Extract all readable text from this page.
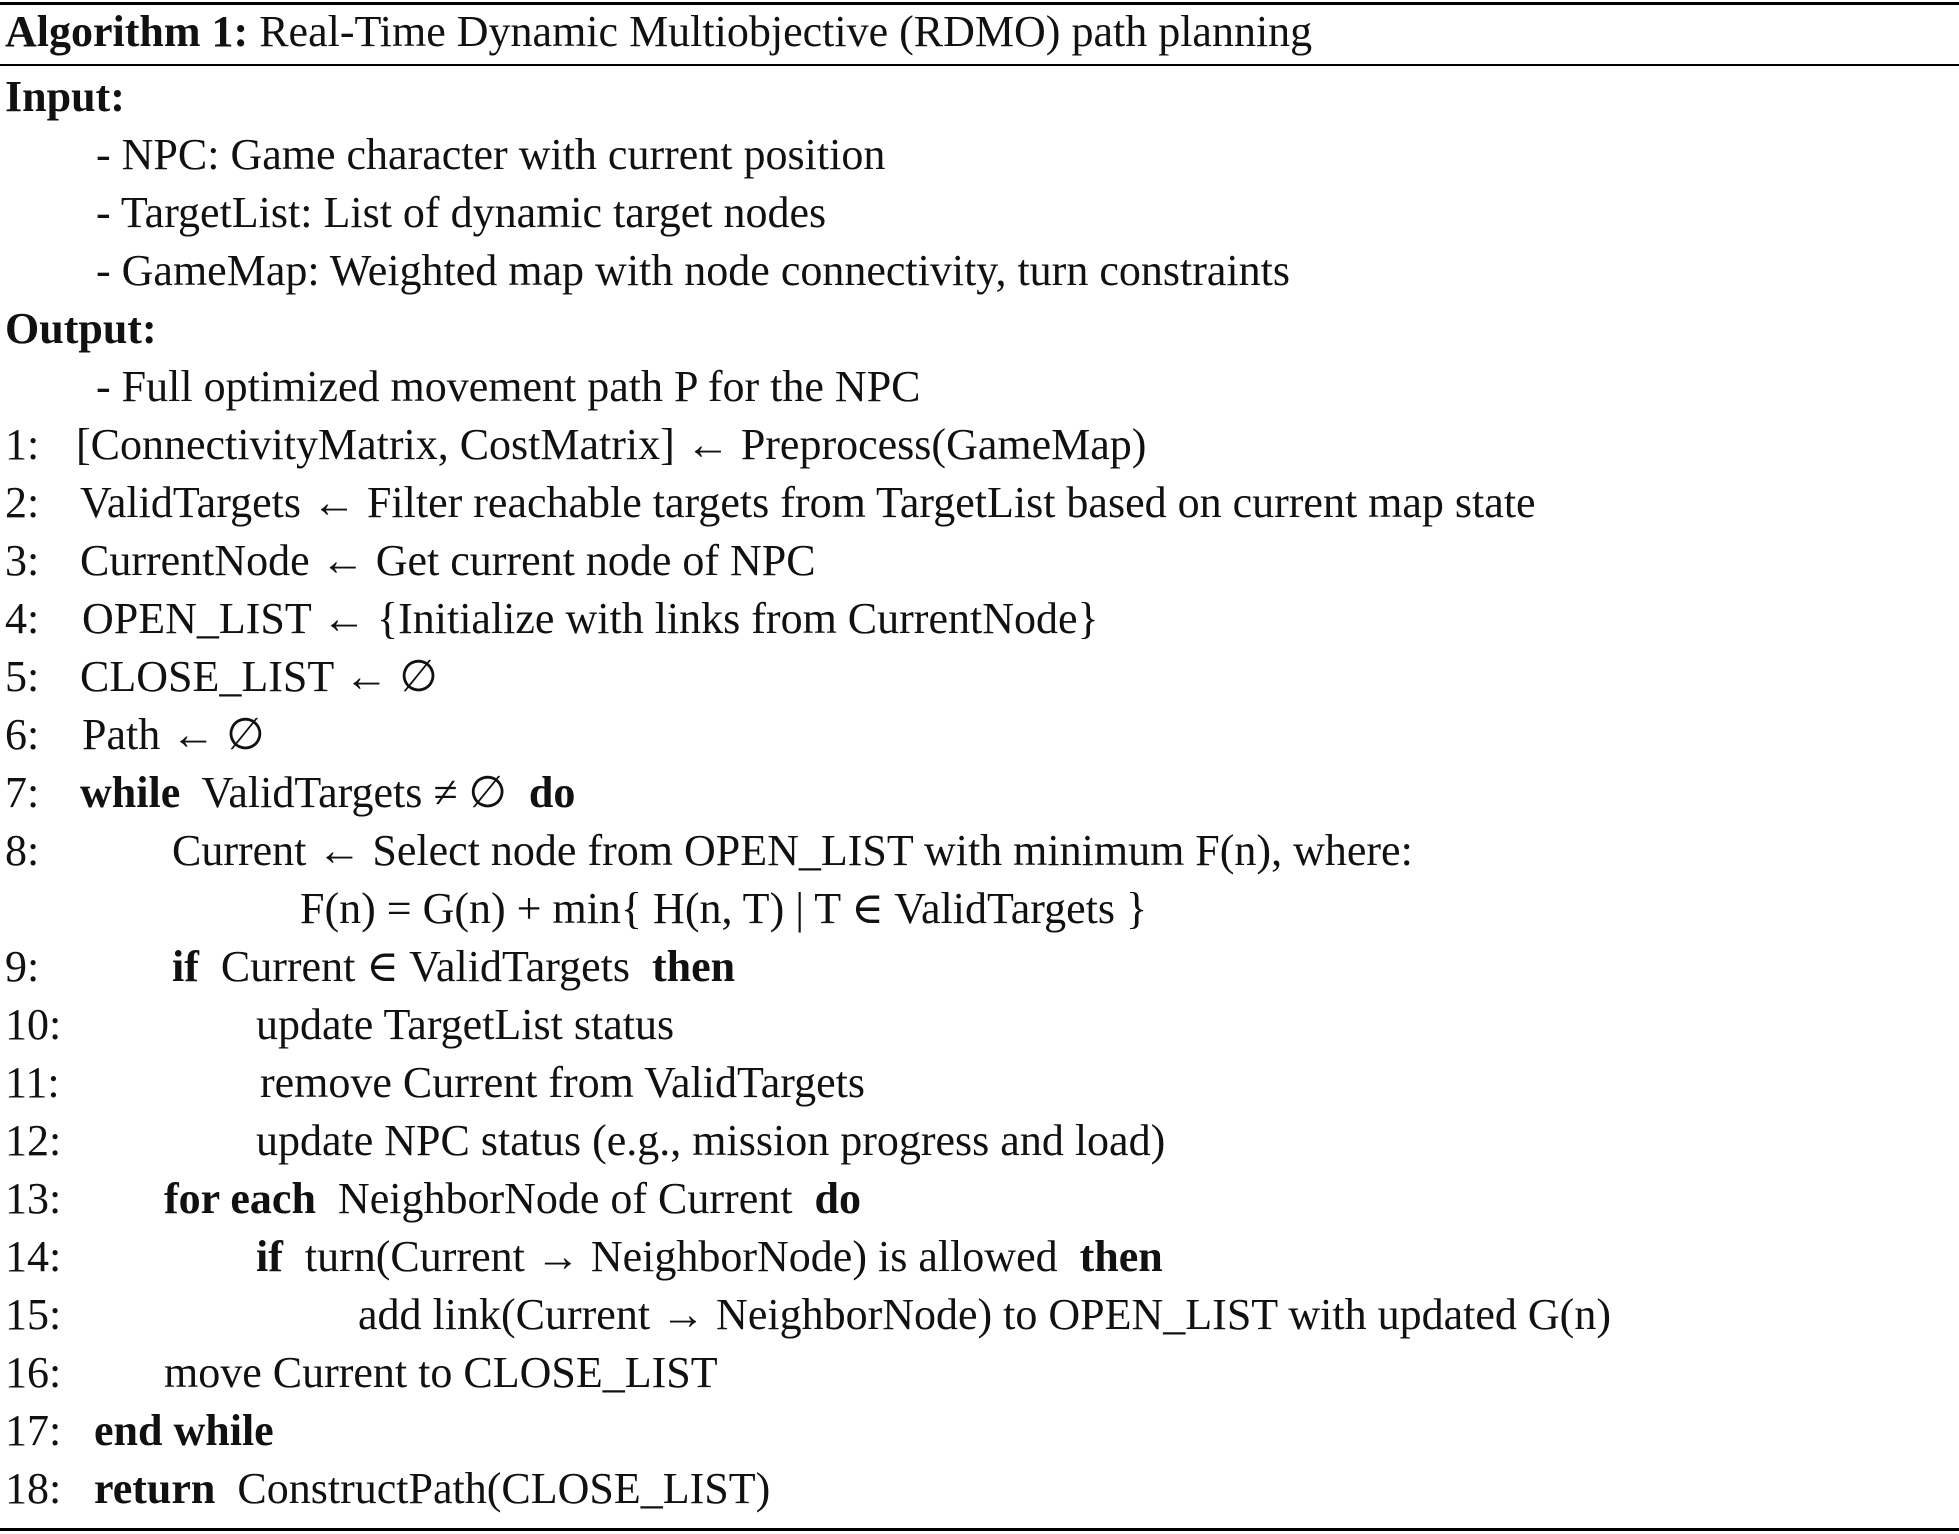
Algorithm 1: Real-Time Dynamic Multiobjective (RDMO) path planning
Input:
- NPC: Game character with current position
- TargetList: List of dynamic target nodes
- GameMap: Weighted map with node connectivity, turn constraints
Output:
- Full optimized movement path P for the NPC
1: [ConnectivityMatrix, CostMatrix] ← Preprocess(GameMap)
2: ValidTargets ← Filter reachable targets from TargetList based on current map state
3: CurrentNode ← Get current node of NPC
4: OPEN_LIST ← {Initialize with links from CurrentNode}
5: CLOSE_LIST ← ∅
6: Path ← ∅
7: while ValidTargets ≠ ∅ do
8:	Current ← Select node from OPEN_LIST with minimum F(n), where:
F(n) = G(n) + min{ H(n, T) | T ∈ ValidTargets }
9:	if Current ∈ ValidTargets then
10:	update TargetList status
11:	remove Current from ValidTargets
12:	update NPC status (e.g., mission progress and load)
13: for each NeighborNode of Current do
14:	if turn(Current → NeighborNode) is allowed then
15:	add link(Current → NeighborNode) to OPEN_LIST with updated G(n)
16: move Current to CLOSE_LIST
17: end while
18: return ConstructPath(CLOSE_LIST)
